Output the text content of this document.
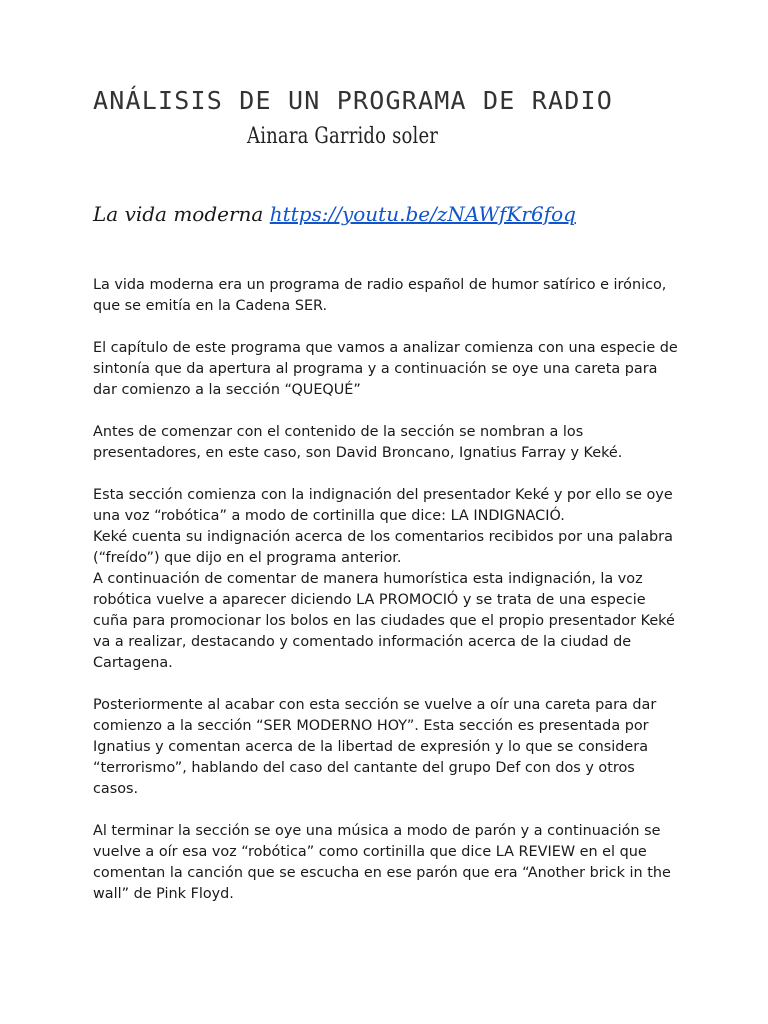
ANÁLISIS DE UN PROGRAMA DE RADIO
Ainara Garrido soler

La vida moderna https://youtu.be/zNAWfKr6foq

La vida moderna era un programa de radio español de humor satírico e irónico, que se emitía en la Cadena SER.

El capítulo de este programa que vamos a analizar comienza con una especie de sintonía que da apertura al programa y a continuación se oye una careta para dar comienzo a la sección “QUEQUÉ”

Antes de comenzar con el contenido de la sección se nombran a los presentadores, en este caso, son David Broncano, Ignatius Farray y Keké.

Esta sección comienza con la indignación del presentador Keké y por ello se oye una voz “robótica” a modo de cortinilla que dice: LA INDIGNACIÓ.

Keké cuenta su indignación acerca de los comentarios recibidos por una palabra (“freído”) que dijo en el programa anterior.

A continuación de comentar de manera humorística esta indignación, la voz robótica vuelve a aparecer diciendo LA PROMOCIÓ y se trata de una especie cuña para promocionar los bolos en las ciudades que el propio presentador Keké va a realizar, destacando y comentado información acerca de la ciudad de Cartagena.

Posteriormente al acabar con esta sección se vuelve a oír una careta para dar comienzo a la sección “SER MODERNO HOY”. Esta sección es presentada por Ignatius y comentan acerca de la libertad de expresión y lo que se considera “terrorismo”, hablando del caso del cantante del grupo Def con dos y otros casos.

Al terminar la sección se oye una música a modo de parón y a continuación se vuelve a oír esa voz “robótica” como cortinilla que dice LA REVIEW en el que comentan la canción que se escucha en ese parón que era “Another brick in the wall” de Pink Floyd.
